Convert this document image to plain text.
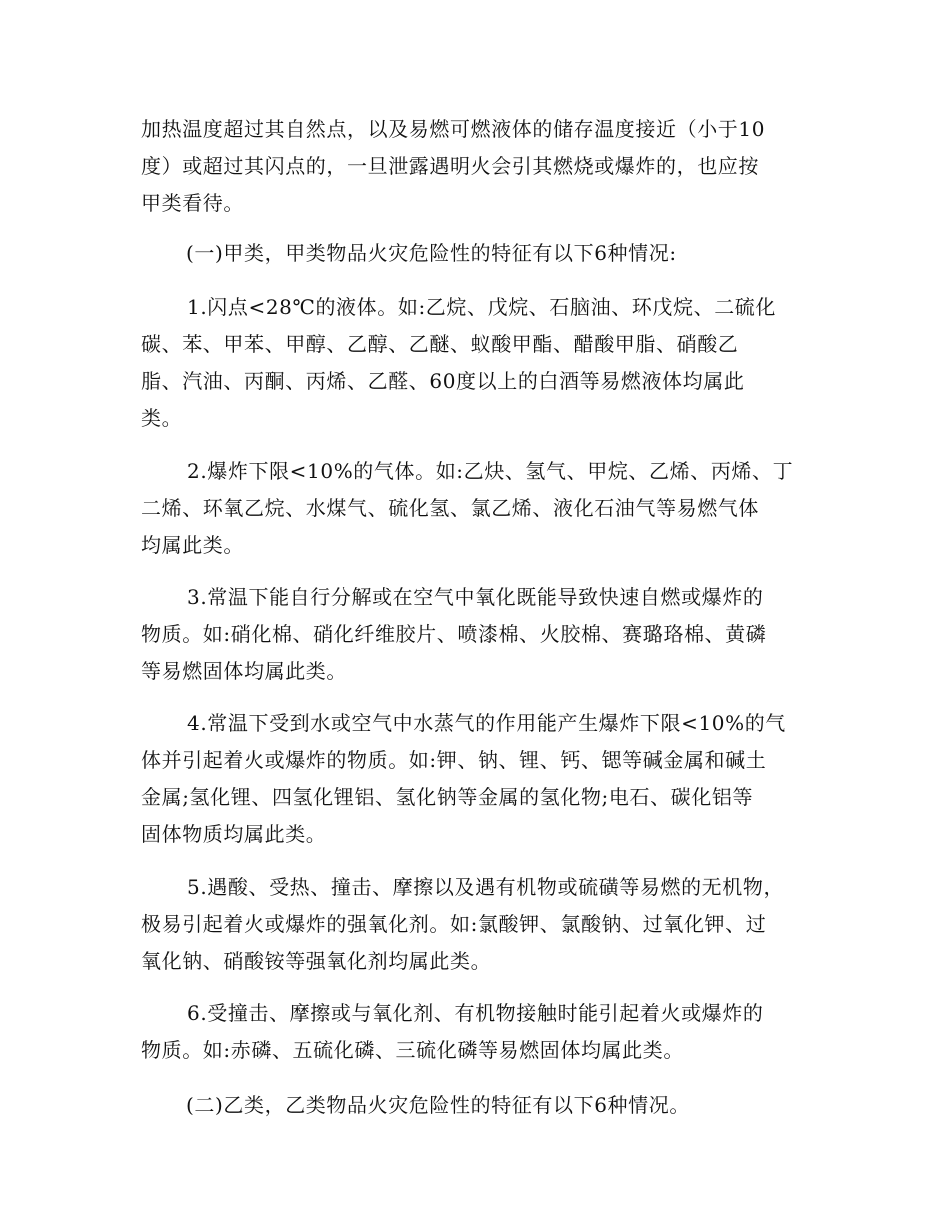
加热温度超过其自然点，以及易燃可燃液体的储存温度接近（小于10
度）或超过其闪点的，一旦泄露遇明火会引其燃烧或爆炸的，也应按
甲类看待。
(一)甲类，甲类物品火灾危险性的特征有以下6种情况:
1.闪点<28℃的液体。如:乙烷、戊烷、石脑油、环戊烷、二硫化
碳、苯、甲苯、甲醇、乙醇、乙醚、蚁酸甲酯、醋酸甲脂、硝酸乙
脂、汽油、丙酮、丙烯、乙醛、60度以上的白酒等易燃液体均属此
类。
2.爆炸下限<10%的气体。如:乙炔、氢气、甲烷、乙烯、丙烯、丁
二烯、环氧乙烷、水煤气、硫化氢、氯乙烯、液化石油气等易燃气体
均属此类。
3.常温下能自行分解或在空气中氧化既能导致快速自燃或爆炸的
物质。如:硝化棉、硝化纤维胶片、喷漆棉、火胶棉、赛璐珞棉、黄磷
等易燃固体均属此类。
4.常温下受到水或空气中水蒸气的作用能产生爆炸下限<10%的气
体并引起着火或爆炸的物质。如:钾、钠、锂、钙、锶等碱金属和碱土
金属;氢化锂、四氢化锂铝、氢化钠等金属的氢化物;电石、碳化铝等
固体物质均属此类。
5.遇酸、受热、撞击、摩擦以及遇有机物或硫磺等易燃的无机物，
极易引起着火或爆炸的强氧化剂。如:氯酸钾、氯酸钠、过氧化钾、过
氧化钠、硝酸铵等强氧化剂均属此类。
6.受撞击、摩擦或与氧化剂、有机物接触时能引起着火或爆炸的
物质。如:赤磷、五硫化磷、三硫化磷等易燃固体均属此类。
(二)乙类，乙类物品火灾危险性的特征有以下6种情况。
